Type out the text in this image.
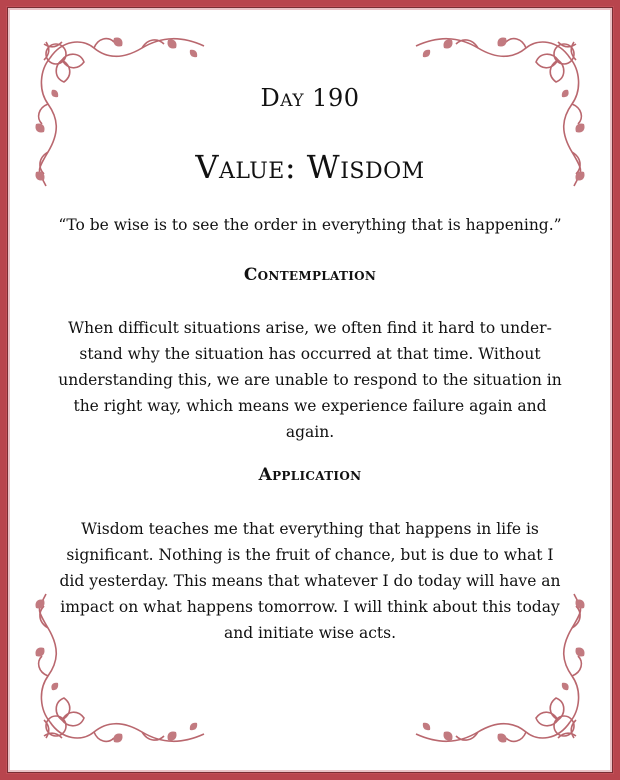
Day 190
Value: Wisdom
“To be wise is to see the order in everything that is happening.”
Contemplation
When difficult situations arise, we often find it hard to under-stand why the situation has occurred at that time. Without understanding this, we are unable to respond to the situation in the right way, which means we experience failure again and again.
Application
Wisdom teaches me that everything that happens in life is significant. Nothing is the fruit of chance, but is due to what I did yesterday. This means that whatever I do today will have an impact on what happens tomorrow. I will think about this today and initiate wise acts.
